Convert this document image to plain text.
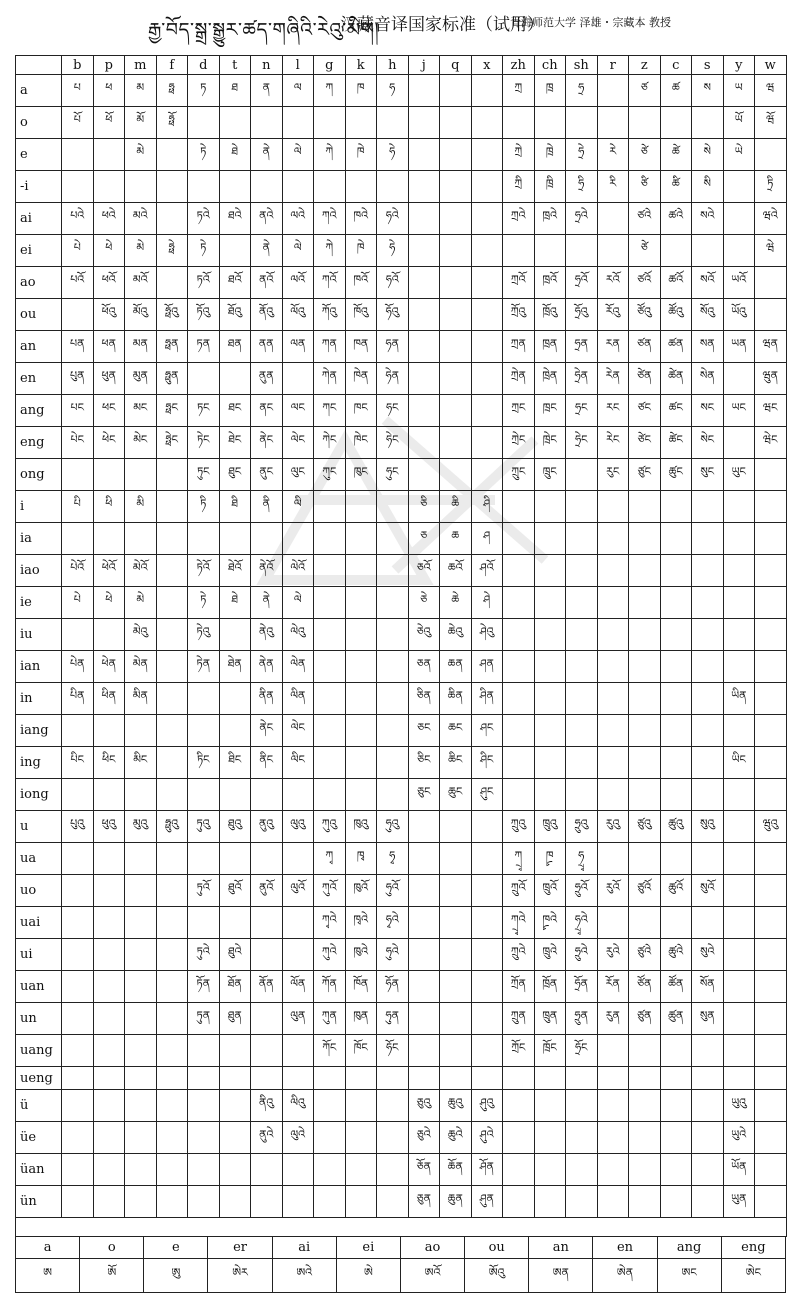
རྒྱ་བོད་སྒྲ་སྒྱུར་ཚད་གཞིའི་རེའུ་མིག།
汉藏音译国家标准（试用）
青海师范大学 泽雄・宗藏本 教授
	b	p	m	f	d	t	n	l	g	k	h	j	q	x	zh	ch	sh	r	z	c	s	y	w
a	པ	ཕ	མ	ཧྥ	ཏ	ཐ	ན	ལ	ཀ	ཁ	ཧ				ཀྲ	ཁྲ	ཧྲ		ཙ	ཚ	ས	ཡ	ཝ
o	པོ	ཕོ	མོ	ཧྥོ																		ཡོ	ཝོ
e			མེ		ཏེ	ཐེ	ནེ	ལེ	ཀེ	ཁེ	ཧེ				ཀྲེ	ཁྲེ	ཧྲེ	རེ	ཙེ	ཚེ	སེ	ཡེ	
-i															ཀྲི	ཁྲི	ཧྲི	རི	ཙི	ཚི	སི		ཏྲི
ai	པའེ	ཕའེ	མའེ		ཏའེ	ཐའེ	ནའེ	ལའེ	ཀའེ	ཁའེ	ཧའེ				ཀྲའེ	ཁྲའེ	ཧྲའེ		ཙའེ	ཚའེ	སའེ		ཝའེ
ei	པེ	ཕེ	མེ	ཧྥེ	ཏེ		ནེ	ལེ	ཀེ	ཁེ	ཧེ								ཙེ				ཝེ
ao	པའོ	ཕའོ	མའོ		ཏའོ	ཐའོ	ནའོ	ལའོ	ཀའོ	ཁའོ	ཧའོ				ཀྲའོ	ཁྲའོ	ཧྲའོ	རའོ	ཙའོ	ཚའོ	སའོ	ཡའོ	
ou		ཕོའུ	མོའུ	ཧྥོའུ	ཏོའུ	ཐོའུ	ནོའུ	ལོའུ	ཀོའུ	ཁོའུ	ཧོའུ				ཀྲོའུ	ཁྲོའུ	ཧྲོའུ	རོའུ	ཙོའུ	ཚོའུ	སོའུ	ཡོའུ	
an	པན	ཕན	མན	ཧྥན	ཏན	ཐན	ནན	ལན	ཀན	ཁན	ཧན				ཀྲན	ཁྲན	ཧྲན	རན	ཙན	ཚན	སན	ཡན	ཝན
en	པུན	ཕུན	མུན	ཧྥུན			ནུན		ཀེན	ཁེན	ཧེན				ཀྲེན	ཁྲེན	ཧྲེན	རེན	ཙེན	ཚེན	སེན		ཝུན
ang	པང	ཕང	མང	ཧྥང	ཏང	ཐང	ནང	ལང	ཀང	ཁང	ཧང				ཀྲང	ཁྲང	ཧྲང	རང	ཙང	ཚང	སང	ཡང	ཝང
eng	པེང	ཕེང	མེང	ཧྥེང	ཏེང	ཐེང	ནེང	ལེང	ཀེང	ཁེང	ཧེང				ཀྲེང	ཁྲེང	ཧྲེང	རེང	ཙེང	ཚེང	སེང		ཝེང
ong					ཏུང	ཐུང	ནུང	ལུང	ཀུང	ཁུང	ཧུང				ཀྲུང	ཁྲུང		རུང	ཙུང	ཚུང	སུང	ཡུང	
i	པི	ཕི	མི		ཏི	ཐི	ནི	ལི				ཅི	ཆི	ཤི									
ia												ཅ	ཆ	ཤ									
iao	པེའོ	ཕེའོ	མེའོ		ཏེའོ	ཐེའོ	ནེའོ	ལེའོ				ཅའོ	ཆའོ	ཤའོ									
ie	པེ	ཕེ	མེ		ཏེ	ཐེ	ནེ	ལེ				ཅེ	ཆེ	ཤེ									
iu			མེའུ		ཏེའུ		ནེའུ	ལེའུ				ཅེའུ	ཆེའུ	ཤེའུ									
ian	པེན	ཕེན	མེན		ཏེན	ཐེན	ནེན	ལེན				ཅན	ཆན	ཤན									
in	པིན	ཕིན	མིན				ནིན	ལིན				ཅིན	ཆིན	ཤིན								ཡིན	
iang							ནེང	ལེང				ཅང	ཆང	ཤང									
ing	པིང	ཕིང	མིང		ཏིང	ཐིང	ནིང	ལིང				ཅིང	ཆིང	ཤིང								ཡིང	
iong												ཅུང	ཆུང	ཤུང									
u	པུའུ	ཕུའུ	མུའུ	ཧྥུའུ	ཏུའུ	ཐུའུ	ནུའུ	ལུའུ	ཀུའུ	ཁུའུ	ཧུའུ				ཀྲུའུ	ཁྲུའུ	ཧྲུའུ	རུའུ	ཙུའུ	ཚུའུ	སུའུ		ཝུའུ
ua									ཀྭ	ཁྭ	ཧྭ				ཀྲྭ	ཁྲྭ	ཧྲྭ						
uo					ཏུའོ	ཐུའོ	ནུའོ	ལུའོ	ཀུའོ	ཁུའོ	ཧུའོ				ཀྲུའོ	ཁྲུའོ	ཧྲུའོ	རུའོ	ཙུའོ	ཚུའོ	སུའོ		
uai									ཀྭའེ	ཁྭའེ	ཧྭའེ				ཀྲྭའེ	ཁྲྭའེ	ཧྲྭའེ						
ui					ཏུའེ	ཐུའེ			ཀུའེ	ཁུའེ	ཧུའེ				ཀྲུའེ	ཁྲུའེ	ཧྲུའེ	རུའེ	ཙུའེ	ཚུའེ	སུའེ		
uan					ཏོན	ཐོན	ནོན	ལོན	ཀོན	ཁོན	ཧོན				ཀྲོན	ཁྲོན	ཧྲོན	རོན	ཙོན	ཚོན	སོན		
un					ཏུན	ཐུན		ལུན	ཀུན	ཁུན	ཧུན				ཀྲུན	ཁྲུན	ཧྲུན	རུན	ཙུན	ཚུན	སུན		
uang									ཀོང	ཁོང	ཧོང				ཀྲོང	ཁྲོང	ཧྲོང						
ueng																							
ü							ནིའུ	ལིའུ				ཅུའུ	ཆུའུ	ཤུའུ								ཡུའུ	
üe							ནུའེ	ལུའེ				ཅུའེ	ཆུའེ	ཤུའེ								ཡུའེ	
üan												ཅོན	ཆོན	ཤོན								ཡོན	
ün												ཅུན	ཆུན	ཤུན								ཡུན	

a	o	e	er	ai	ei	ao	ou	an	en	ang	eng
ཨ	ཨོ	ཨུ	ཨེར	ཨའེ	ཨེ	ཨའོ	ཨོའུ	ཨན	ཨེན	ཨང	ཨེང
